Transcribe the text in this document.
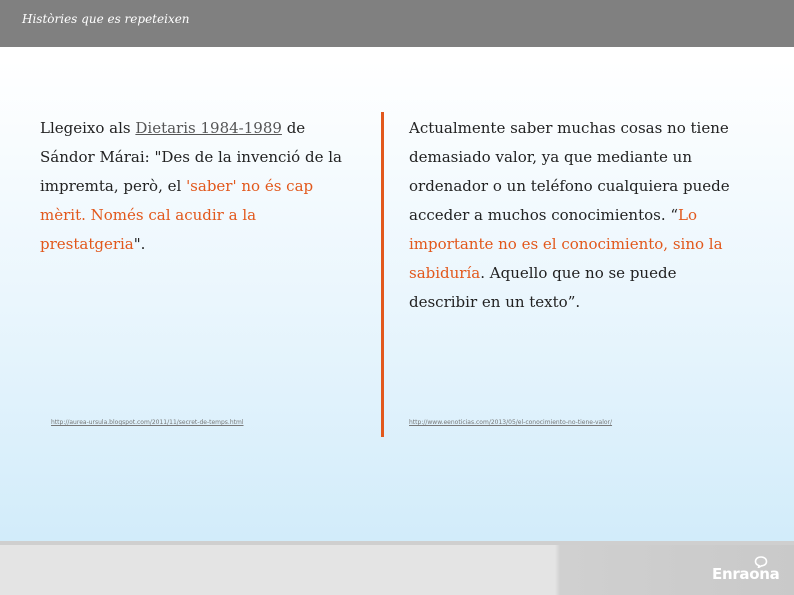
Històries que es repeteixen
Llegeixo als Dietaris 1984-1989 de Sándor Márai: "Des de la invenció de la impremta, però, el 'saber' no és cap mèrit. Només cal acudir a la prestatgeria".
Actualmente saber muchas cosas no tiene demasiado valor, ya que mediante un ordenador o un teléfono cualquiera puede acceder a muchos conocimientos. “Lo importante no es el conocimiento, sino la sabiduría. Aquello que no se puede describir en un texto”.
http://aurea-ursula.blogspot.com/2011/11/secret-de-temps.html	http://www.eenoticias.com/2013/05/el-conocimiento-no-tiene-valor/
Enraona
